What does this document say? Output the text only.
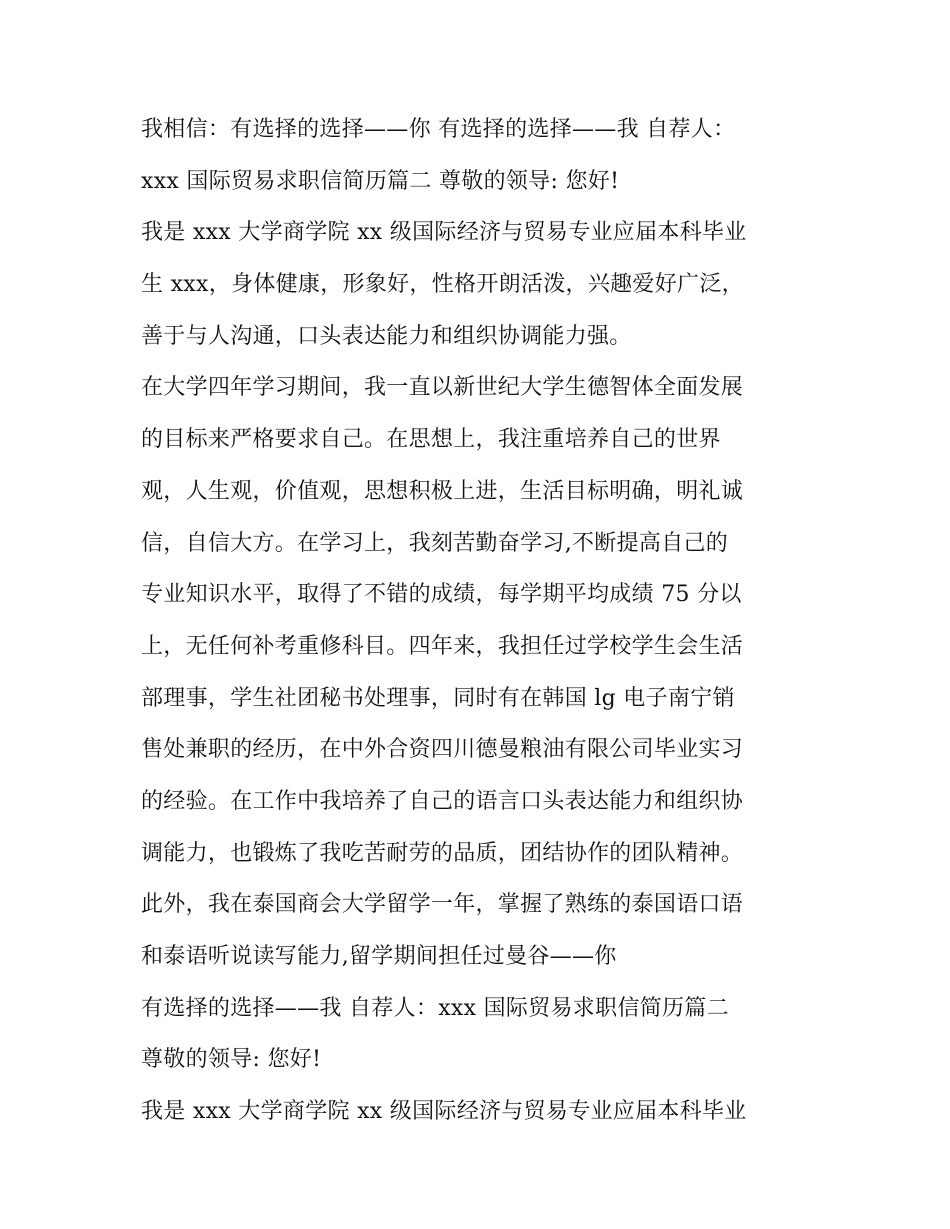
我相信：有选择的选择——你 有选择的选择——我 自荐人：
xxx 国际贸易求职信简历篇二 尊敬的领导: 您好!
我是 xxx 大学商学院 xx 级国际经济与贸易专业应届本科毕业
生 xxx，身体健康，形象好，性格开朗活泼，兴趣爱好广泛，
善于与人沟通，口头表达能力和组织协调能力强。
在大学四年学习期间，我一直以新世纪大学生德智体全面发展
的目标来严格要求自己。在思想上，我注重培养自己的世界
观，人生观，价值观，思想积极上进，生活目标明确，明礼诚
信，自信大方。在学习上，我刻苦勤奋学习,不断提高自己的
专业知识水平，取得了不错的成绩，每学期平均成绩 75 分以
上，无任何补考重修科目。四年来，我担任过学校学生会生活
部理事，学生社团秘书处理事，同时有在韩国 lg 电子南宁销
售处兼职的经历，在中外合资四川德曼粮油有限公司毕业实习
的经验。在工作中我培养了自己的语言口头表达能力和组织协
调能力，也锻炼了我吃苦耐劳的品质，团结协作的团队精神。
此外，我在泰国商会大学留学一年，掌握了熟练的泰国语口语
和泰语听说读写能力,留学期间担任过曼谷——你
有选择的选择——我 自荐人：xxx 国际贸易求职信简历篇二
尊敬的领导: 您好!
我是 xxx 大学商学院 xx 级国际经济与贸易专业应届本科毕业
